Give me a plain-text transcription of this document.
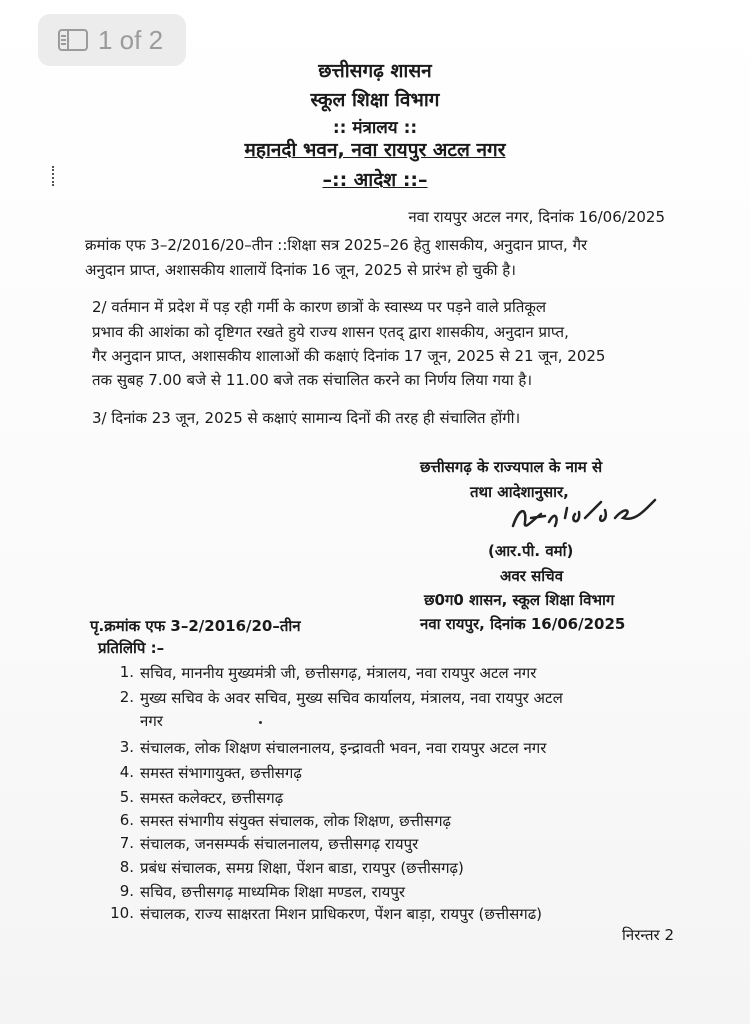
1 of 2
छत्तीसगढ़ शासन
स्कूल शिक्षा विभाग
:: मंत्रालय ::
महानदी भवन, नवा रायपुर अटल नगर
–:: आदेश ::–
नवा रायपुर अटल नगर, दिनांक 16/06/2025
क्रमांक एफ 3–2/2016/20–तीन ::शिक्षा सत्र 2025–26 हेतु शासकीय, अनुदान प्राप्त, गैर
अनुदान प्राप्त, अशासकीय शालायें दिनांक 16 जून, 2025 से प्रारंभ हो चुकी है।
2/ वर्तमान में प्रदेश में पड़ रही गर्मी के कारण छात्रों के स्वास्थ्य पर पड़ने वाले प्रतिकूल
प्रभाव की आशंका को दृष्टिगत रखते हुये राज्य शासन एतद् द्वारा शासकीय, अनुदान प्राप्त,
गैर अनुदान प्राप्त, अशासकीय शालाओं की कक्षाएं दिनांक 17 जून, 2025 से 21 जून, 2025
तक सुबह 7.00 बजे से 11.00 बजे तक संचालित करने का निर्णय लिया गया है।
3/ दिनांक 23 जून, 2025 से कक्षाएं सामान्य दिनों की तरह ही संचालित होंगी।
छत्तीसगढ़ के राज्यपाल के नाम से
तथा आदेशानुसार,
(आर.पी. वर्मा)
अवर सचिव
छ0ग0 शासन, स्कूल शिक्षा विभाग
पृ.क्रमांक एफ 3–2/2016/20–तीन	नवा रायपुर, दिनांक 16/06/2025
प्रतिलिपि :–
1. सचिव, माननीय मुख्यमंत्री जी, छत्तीसगढ़, मंत्रालय, नवा रायपुर अटल नगर
2. मुख्य सचिव के अवर सचिव, मुख्य सचिव कार्यालय, मंत्रालय, नवा रायपुर अटल
नगर
3. संचालक, लोक शिक्षण संचालनालय, इन्द्रावती भवन, नवा रायपुर अटल नगर
4. समस्त संभागायुक्त, छत्तीसगढ़
5. समस्त कलेक्टर, छत्तीसगढ़
6. समस्त संभागीय संयुक्त संचालक, लोक शिक्षण, छत्तीसगढ़
7. संचालक, जनसम्पर्क संचालनालय, छत्तीसगढ़ रायपुर
8. प्रबंध संचालक, समग्र शिक्षा, पेंशन बाडा, रायपुर (छत्तीसगढ़)
9. सचिव, छत्तीसगढ़ माध्यमिक शिक्षा मण्डल, रायपुर
10. संचालक, राज्य साक्षरता मिशन प्राधिकरण, पेंशन बाड़ा, रायपुर (छत्तीसगढ)
निरन्तर 2
